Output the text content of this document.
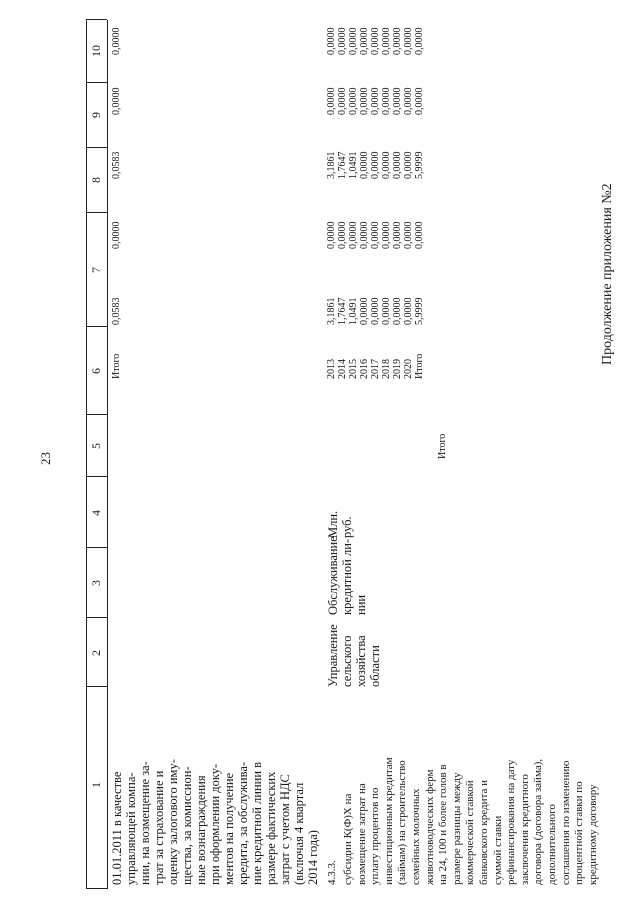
23
Продолжение приложения №2
1
2
3
4
5
6
7
8
9
10
01.01.2011 в качестве управляющей компа- нии, на возмещение за- трат за страхование и оценку залогового иму- щества, за комиссион- ные вознаграждения при оформлении доку- ментов на получение кредита, за обслужива- ние кредитной линии в размере фактических затрат с учетом НДС (включая 4 квартал 2014 года)
Итого
0,0583
0,0000
0,0583
0,0000
0,0000
4.3.3. субсидии К(Ф)Х на возмещение затрат на уплату процентов по инвестиционным кредитам (займам) на строительство семейных молочных животноводческих ферм на 24, 100 и более голов в размере разницы между коммерческой ставкой банковского кредита и суммой ставки рефинансирования на дату заключения кредитного договора (договора займа), дополнительного соглашения по изменению процентной ставки по кредитному договору
Управление сельского хозяйства области
Обслуживание кредитной ли- нии
Млн. руб.
Итого
2013 2014 2015 2016 2017 2018 2019 2020 Итого
3,1861 1,7647 1,0491 0,0000 0,0000 0,0000 0,0000 0,0000 5,9999
0,0000 0,0000 0,0000 0,0000 0,0000 0,0000 0,0000 0,0000 0,0000
3,1861 1,7647 1,0491 0,0000 0,0000 0,0000 0,0000 0,0000 5,9999
0,0000 0,0000 0,0000 0,0000 0,0000 0,0000 0,0000 0,0000 0,0000
0,0000 0,0000 0,0000 0,0000 0,0000 0,0000 0,0000 0,0000 0,0000
